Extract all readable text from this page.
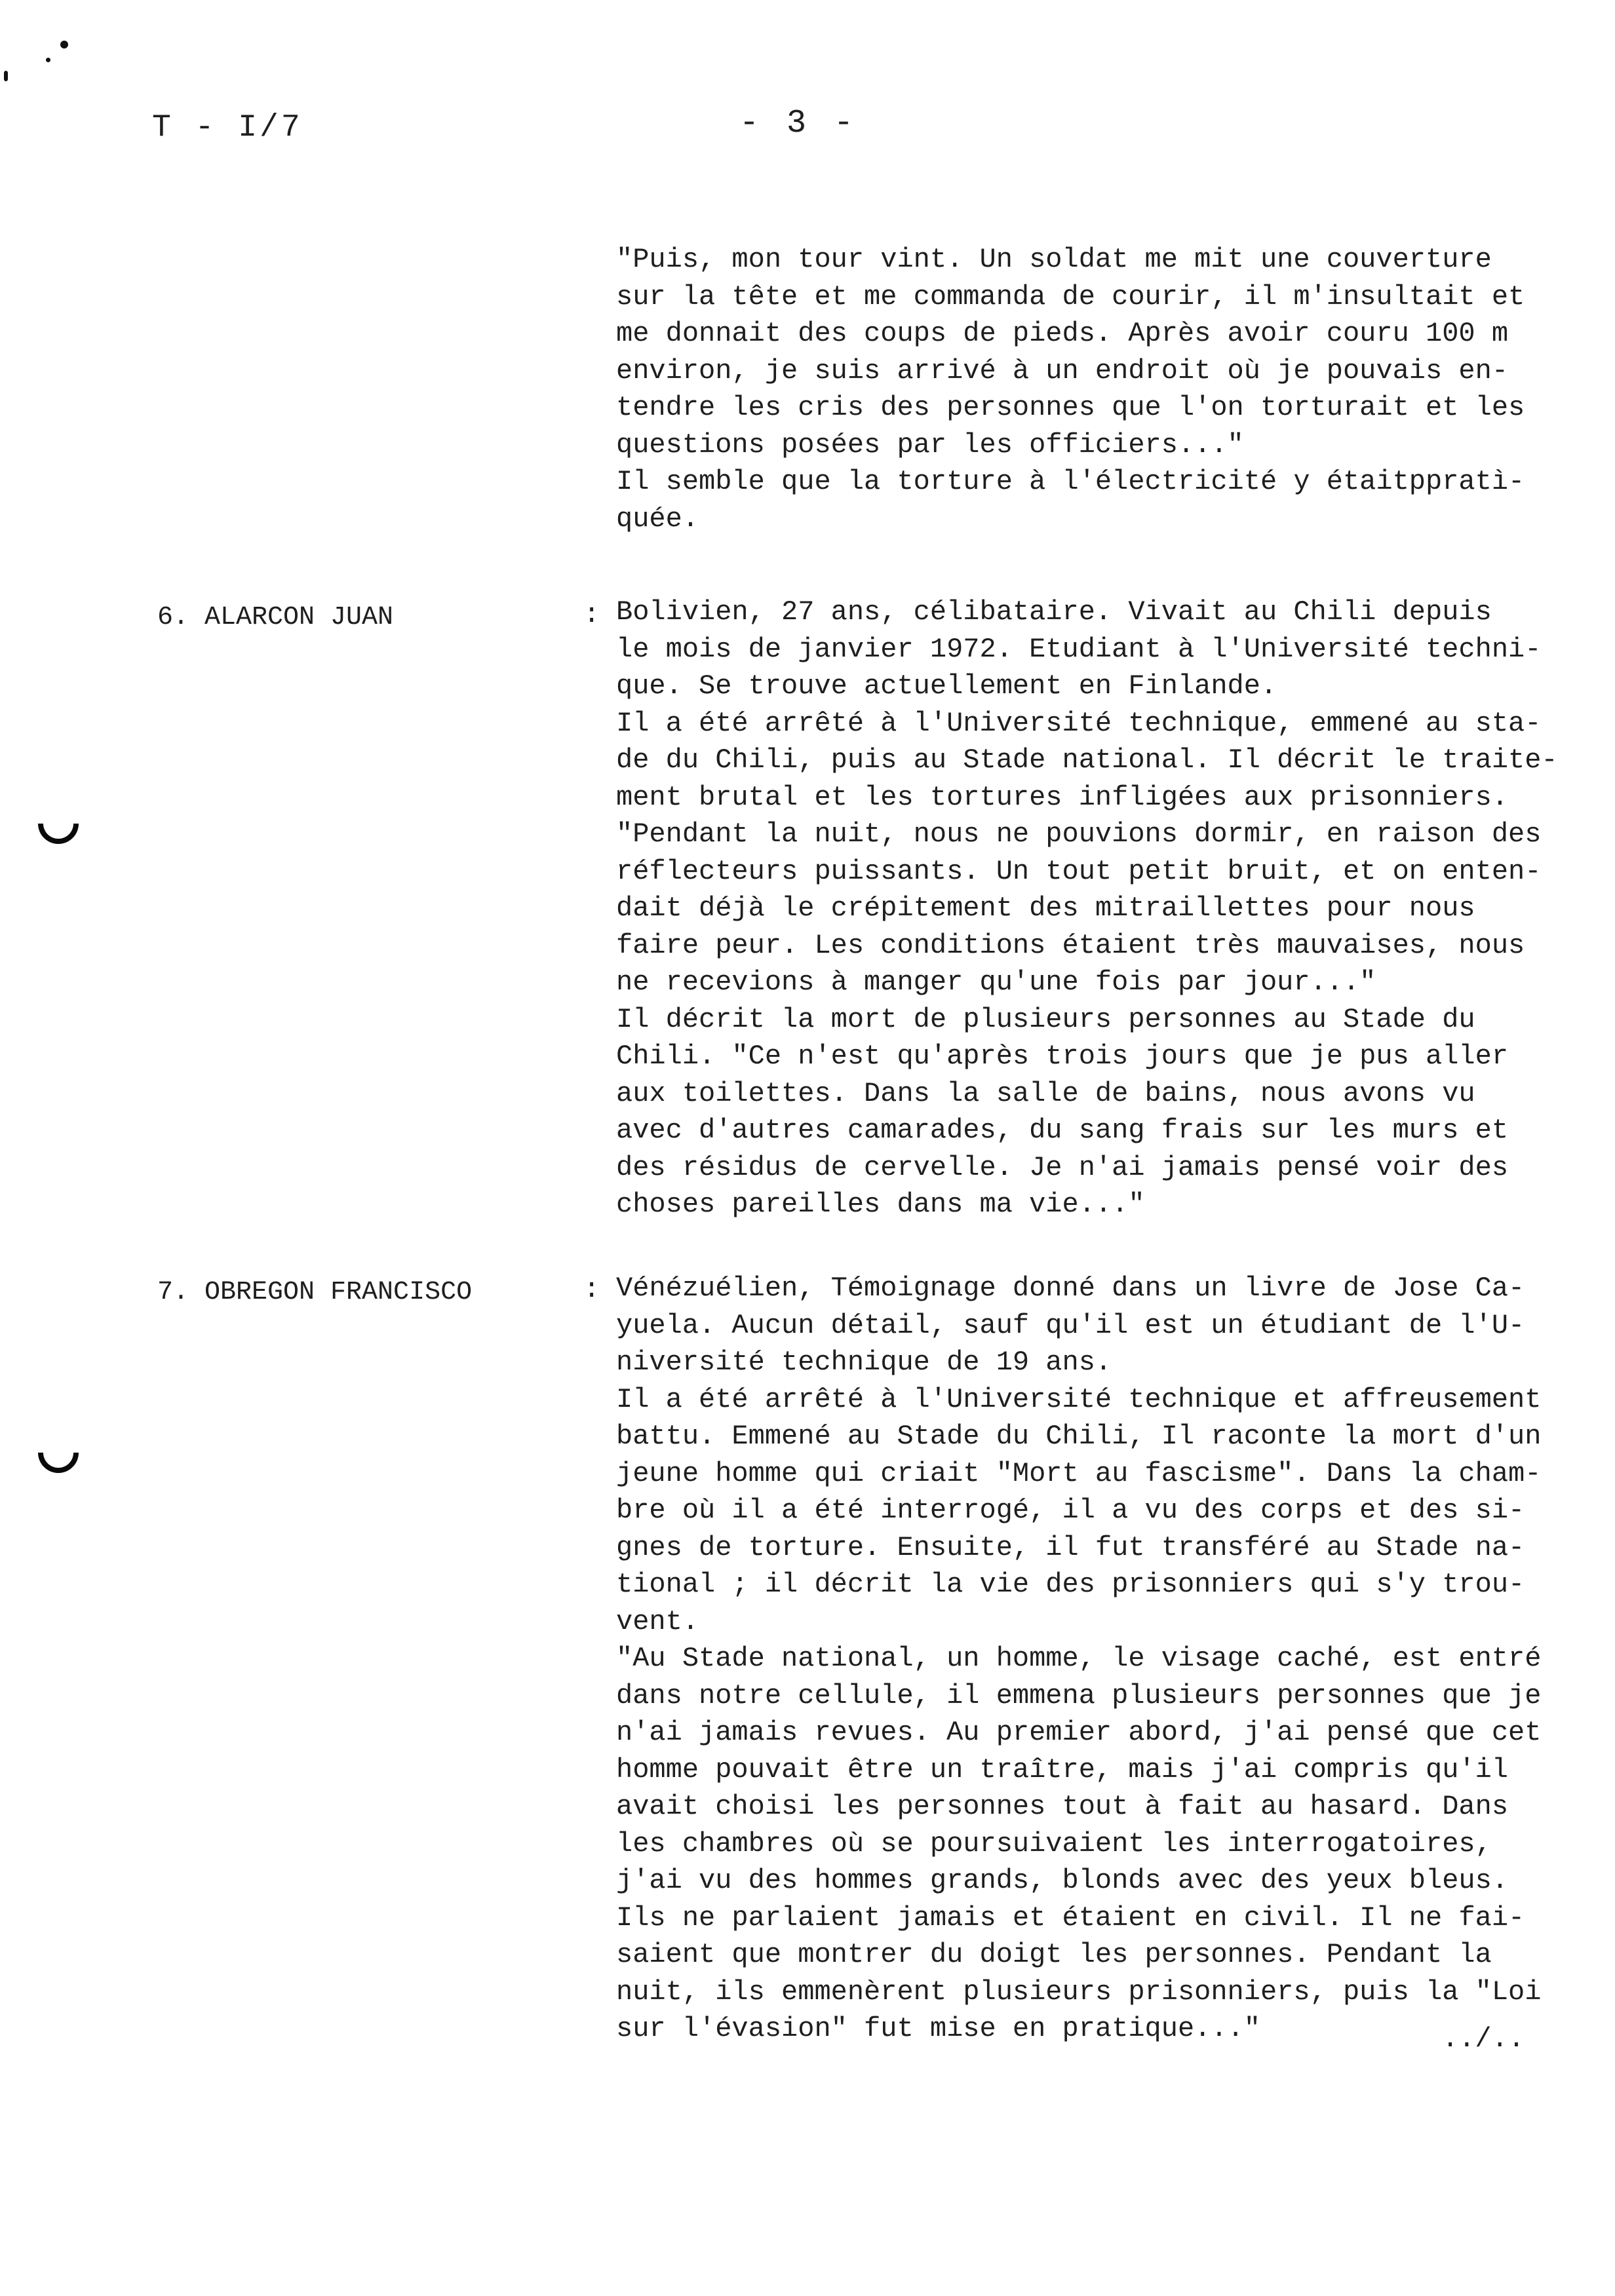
T - I/7	- 3 -
"Puis, mon tour vint. Un soldat me mit une couverture
sur la tête et me commanda de courir, il m'insultait et
me donnait des coups de pieds. Après avoir couru 100 m
environ, je suis arrivé à un endroit où je pouvais en-
tendre les cris des personnes que l'on torturait et les
questions posées par les officiers..."
Il semble que la torture à l'électricité y étaitppratì-
quée.
6. ALARCON JUAN	: Bolivien, 27 ans, célibataire. Vivait au Chili depuis
le mois de janvier 1972. Etudiant à l'Université techni-
que. Se trouve actuellement en Finlande.
Il a été arrêté à l'Université technique, emmené au sta-
de du Chili, puis au Stade national. Il décrit le traite-
ment brutal et les tortures infligées aux prisonniers.
"Pendant la nuit, nous ne pouvions dormir, en raison des
réflecteurs puissants. Un tout petit bruit, et on enten-
dait déjà le crépitement des mitraillettes pour nous
faire peur. Les conditions étaient très mauvaises, nous
ne recevions à manger qu'une fois par jour..."
Il décrit la mort de plusieurs personnes au Stade du
Chili. "Ce n'est qu'après trois jours que je pus aller
aux toilettes. Dans la salle de bains, nous avons vu
avec d'autres camarades, du sang frais sur les murs et
des résidus de cervelle. Je n'ai jamais pensé voir des
choses pareilles dans ma vie..."
7. OBREGON FRANCISCO	: Vénézuélien, Témoignage donné dans un livre de Jose Ca-
yuela. Aucun détail, sauf qu'il est un étudiant de l'U-
niversité technique de 19 ans.
Il a été arrêté à l'Université technique et affreusement
battu. Emmené au Stade du Chili, Il raconte la mort d'un
jeune homme qui criait "Mort au fascisme". Dans la cham-
bre où il a été interrogé, il a vu des corps et des si-
gnes de torture. Ensuite, il fut transféré au Stade na-
tional ; il décrit la vie des prisonniers qui s'y trou-
vent.
"Au Stade national, un homme, le visage caché, est entré
dans notre cellule, il emmena plusieurs personnes que je
n'ai jamais revues. Au premier abord, j'ai pensé que cet
homme pouvait être un traître, mais j'ai compris qu'il
avait choisi les personnes tout à fait au hasard. Dans
les chambres où se poursuivaient les interrogatoires,
j'ai vu des hommes grands, blonds avec des yeux bleus.
Ils ne parlaient jamais et étaient en civil. Il ne fai-
saient que montrer du doigt les personnes. Pendant la
nuit, ils emmenèrent plusieurs prisonniers, puis la "Loi
sur l'évasion" fut mise en pratique..."	../..
